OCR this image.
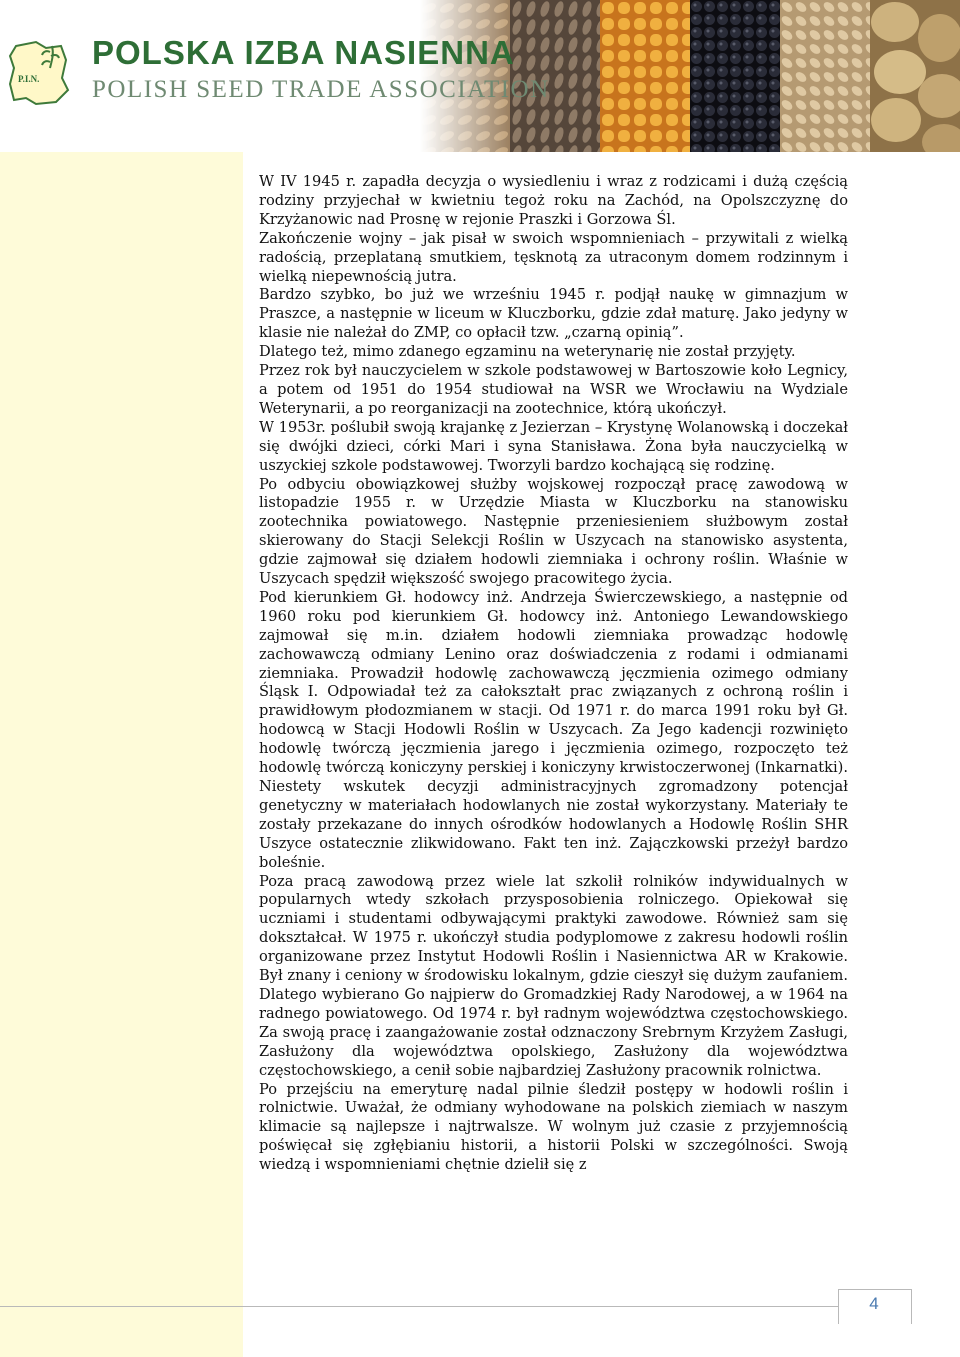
P.I.N.
POLSKA IZBA NASIENNA
POLISH SEED TRADE ASSOCIATION

W IV 1945 r. zapadła decyzja o wysiedleniu i wraz z rodzicami i dużą częścią rodziny przyjechał w kwietniu tegoż roku na Zachód, na Opolszczyznę do Krzyżanowic nad Prosnę w rejonie Praszki i Gorzowa Śl.

Zakończenie wojny – jak pisał w swoich wspomnieniach – przywitali z wielką radością, przeplataną smutkiem, tęsknotą za utraconym domem rodzinnym i wielką niepewnością jutra.

Bardzo szybko, bo już we wrześniu 1945 r. podjął naukę w gimnazjum w Praszce, a następnie w liceum w Kluczborku, gdzie zdał maturę. Jako jedyny w klasie nie należał do ZMP, co opłacił tzw. „czarną opinią”.

Dlatego też, mimo zdanego egzaminu na weterynarię nie został przyjęty.

Przez rok był nauczycielem w szkole podstawowej w Bartoszowie koło Legnicy, a potem od 1951 do 1954 studiował na WSR we Wrocławiu na Wydziale Weterynarii, a po reorganizacji na zootechnice, którą ukończył.

W 1953r. poślubił swoją krajankę z Jezierzan – Krystynę Wolanowską i doczekał się dwójki dzieci, córki Mari i syna Stanisława. Żona była nauczycielką w uszyckiej szkole podstawowej. Tworzyli bardzo kochającą się rodzinę.

Po odbyciu obowiązkowej służby wojskowej rozpoczął pracę zawodową w listopadzie 1955 r. w Urzędzie Miasta w Kluczborku na stanowisku zootechnika powiatowego. Następnie przeniesieniem służbowym został skierowany do Stacji Selekcji Roślin w Uszycach na stanowisko asystenta, gdzie zajmował się działem hodowli ziemniaka i ochrony roślin. Właśnie w Uszycach spędził większość swojego pracowitego życia.

Pod kierunkiem Gł. hodowcy inż. Andrzeja Świerczewskiego, a następnie od 1960 roku pod kierunkiem Gł. hodowcy inż. Antoniego Lewandowskiego zajmował się m.in. działem hodowli ziemniaka prowadząc hodowlę zachowawczą odmiany Lenino oraz doświadczenia z rodami i odmianami ziemniaka. Prowadził hodowlę zachowawczą jęczmienia ozimego odmiany Śląsk I. Odpowiadał też za całokształt prac związanych z ochroną roślin i prawidłowym płodozmianem w stacji. Od 1971 r. do marca 1991 roku był Gł. hodowcą w Stacji Hodowli Roślin w Uszycach. Za Jego kadencji rozwinięto hodowlę twórczą jęczmienia jarego i jęczmienia ozimego, rozpoczęto też hodowlę twórczą koniczyny perskiej i koniczyny krwistoczerwonej (Inkarnatki). Niestety wskutek decyzji administracyjnych zgromadzony potencjał genetyczny w materiałach hodowlanych nie został wykorzystany. Materiały te zostały przekazane do innych ośrodków hodowlanych a Hodowlę Roślin SHR Uszyce ostatecznie zlikwidowano. Fakt ten inż. Zajączkowski przeżył bardzo boleśnie.

Poza pracą zawodową przez wiele lat szkolił rolników indywidualnych w popularnych wtedy szkołach przysposobienia rolniczego. Opiekował się uczniami i studentami odbywającymi praktyki zawodowe. Również sam się dokształcał. W 1975 r. ukończył studia podyplomowe z zakresu hodowli roślin organizowane przez Instytut Hodowli Roślin i Nasiennictwa AR w Krakowie. Był znany i ceniony w środowisku lokalnym, gdzie cieszył się dużym zaufaniem. Dlatego wybierano Go najpierw do Gromadzkiej Rady Narodowej, a w 1964 na radnego powiatowego. Od 1974 r. był radnym województwa częstochowskiego. Za swoją pracę i zaangażowanie został odznaczony Srebrnym Krzyżem Zasługi, Zasłużony dla województwa opolskiego, Zasłużony dla województwa częstochowskiego, a cenił sobie najbardziej Zasłużony pracownik rolnictwa.

Po przejściu na emeryturę nadal pilnie śledził postępy w hodowli roślin i rolnictwie. Uważał, że odmiany wyhodowane na polskich ziemiach w naszym klimacie są najlepsze i najtrwalsze. W wolnym już czasie z przyjemnością poświęcał się zgłębianiu historii, a historii Polski w szczególności. Swoją wiedzą i wspomnieniami chętnie dzielił się z

4
